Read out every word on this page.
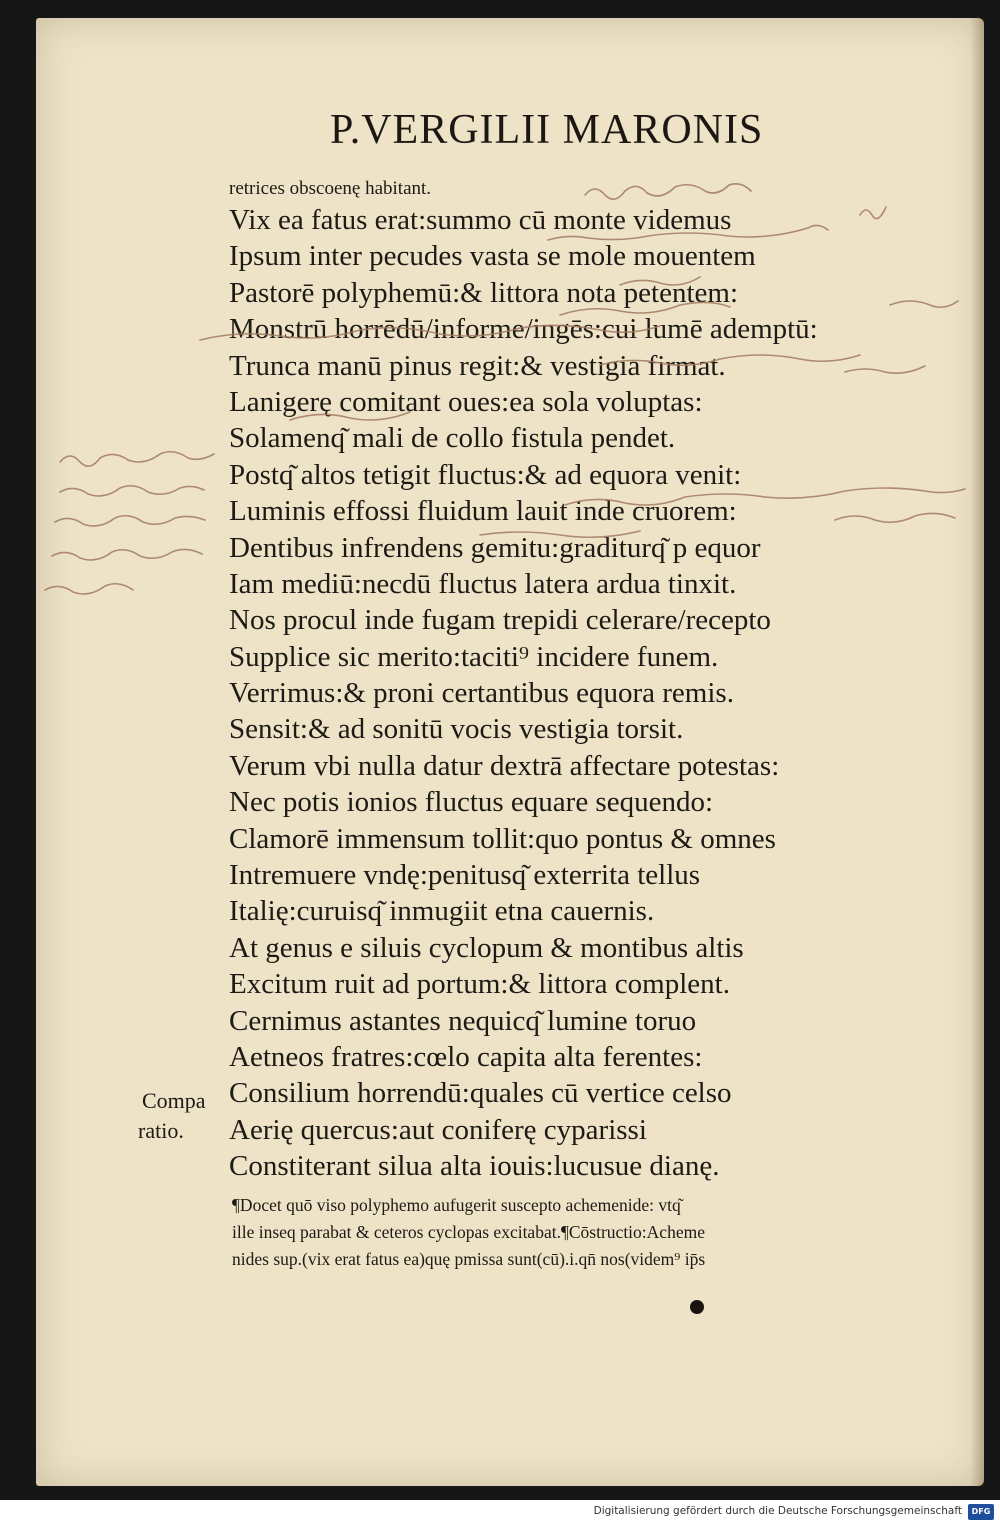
P.VERGILII MARONIS
retrices obscoenę habitant.
Vix ea fatus erat:summo cū monte videmus
Ipsum inter pecudes vasta se mole mouentem
Pastorē polyphemū:& littora nota petentem:
Monstrū horrēdū/informe/ingēs:cui lumē ademptū:
Trunca manū pinus regit:& vestigia firmat.
Lanigerę comitant oues:ea sola voluptas:
Solamenq͂ mali de collo fistula pendet.
Postq͂ altos tetigit fluctus:& ad equora venit:
Luminis effossi fluidum lauit inde cruorem:
Dentibus infrendens gemitu:graditurq͂ p equor
Iam mediū:necdū fluctus latera ardua tinxit.
Nos procul inde fugam trepidi celerare/recepto
Supplice sic merito:taciti⁹ incidere funem.
Verrimus:& proni certantibus equora remis.
Sensit:& ad sonitū vocis vestigia torsit.
Verum vbi nulla datur dextrā affectare potestas:
Nec potis ionios fluctus equare sequendo:
Clamorē immensum tollit:quo pontus & omnes
Intremuere vndę:penitusq͂ exterrita tellus
Italię:curuisq͂ inmugiit etna cauernis.
At genus e siluis cyclopum & montibus altis
Excitum ruit ad portum:& littora complent.
Cernimus astantes nequicq͂ lumine toruo
Aetneos fratres:cœlo capita alta ferentes:
Consilium horrendū:quales cū vertice celso
Aerię quercus:aut coniferę cyparissi
Constiterant silua alta iouis:lucusue dianę.
Compa
ratio.
¶Docet quō viso polyphemo aufugerit suscepto achemenide: vtq͂
ille inseq parabat & ceteros cyclopas excitabat.¶Cōstructio:Acheme
nides sup.(vix erat fatus ea)quę pmissa sunt(cū).i.qn̄ nos(videm⁹ ip̄s
Digitalisierung gefördert durch die Deutsche Forschungsgemeinschaft	DFG
